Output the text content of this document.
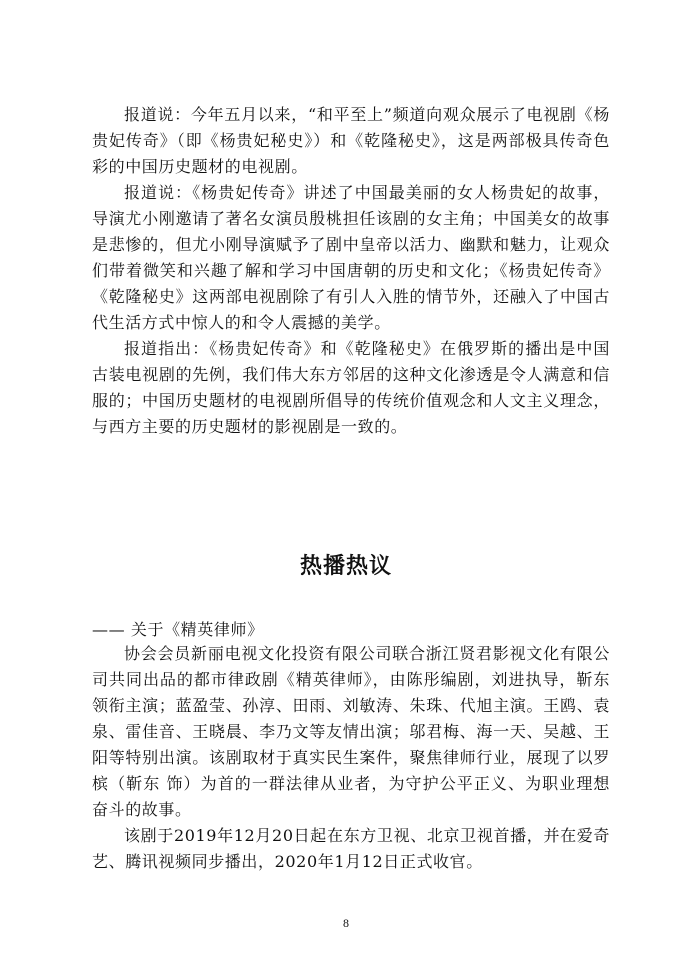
报道说：今年五月以来，“和平至上”频道向观众展示了电视剧《杨贵妃传奇》（即《杨贵妃秘史》）和《乾隆秘史》，这是两部极具传奇色彩的中国历史题材的电视剧。

报道说：《杨贵妃传奇》讲述了中国最美丽的女人杨贵妃的故事，导演尤小刚邀请了著名女演员殷桃担任该剧的女主角；中国美女的故事是悲惨的，但尤小刚导演赋予了剧中皇帝以活力、幽默和魅力，让观众们带着微笑和兴趣了解和学习中国唐朝的历史和文化；《杨贵妃传奇》《乾隆秘史》这两部电视剧除了有引人入胜的情节外，还融入了中国古代生活方式中惊人的和令人震撼的美学。

报道指出：《杨贵妃传奇》和《乾隆秘史》在俄罗斯的播出是中国古装电视剧的先例，我们伟大东方邻居的这种文化渗透是令人满意和信服的；中国历史题材的电视剧所倡导的传统价值观念和人文主义理念，与西方主要的历史题材的影视剧是一致的。

热播热议
—— 关于《精英律师》

协会会员新丽电视文化投资有限公司联合浙江贤君影视文化有限公司共同出品的都市律政剧《精英律师》，由陈彤编剧，刘进执导，靳东领衔主演；蓝盈莹、孙淳、田雨、刘敏涛、朱珠、代旭主演。王鸥、袁泉、雷佳音、王晓晨、李乃文等友情出演；邬君梅、海一天、吴越、王阳等特别出演。该剧取材于真实民生案件，聚焦律师行业，展现了以罗槟（靳东 饰）为首的一群法律从业者，为守护公平正义、为职业理想奋斗的故事。

该剧于2019年12月20日起在东方卫视、北京卫视首播，并在爱奇艺、腾讯视频同步播出，2020年1月12日正式收官。

8
